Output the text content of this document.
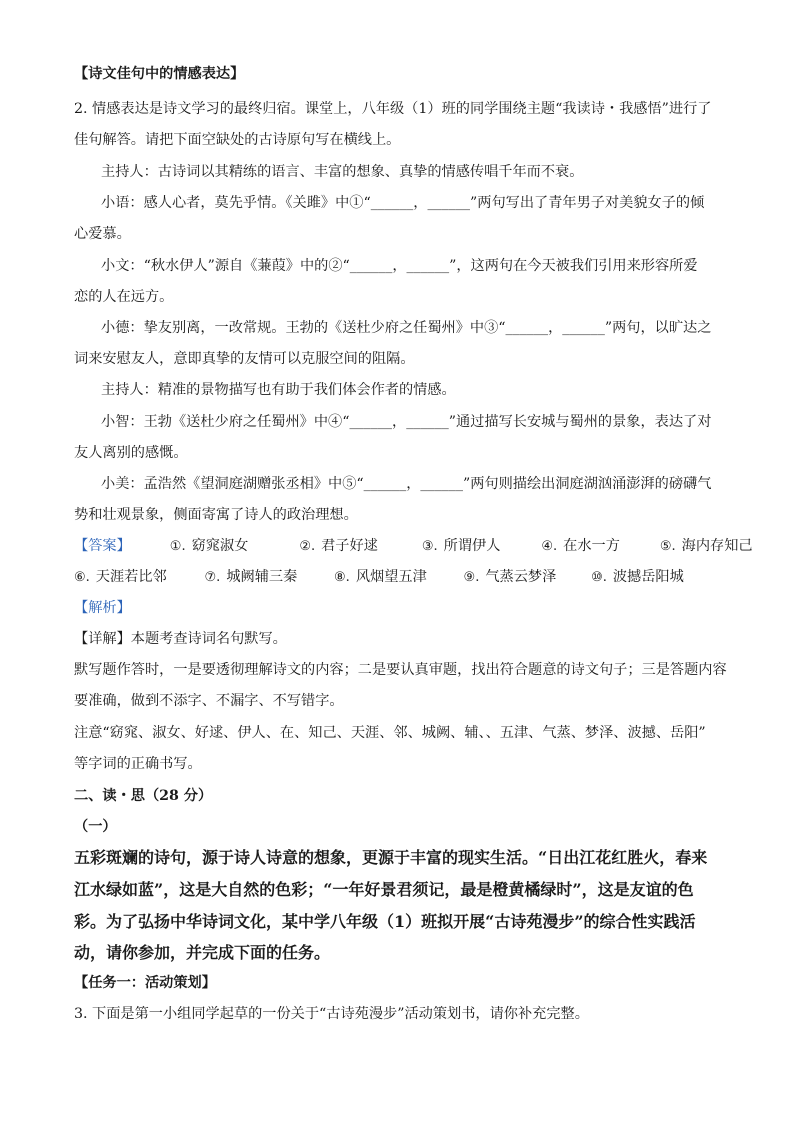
【诗文佳句中的情感表达】
2. 情感表达是诗文学习的最终归宿。课堂上，八年级（1）班的同学围绕主题“我读诗・我感悟”进行了
佳句解答。请把下面空缺处的古诗原句写在横线上。
主持人：古诗词以其精练的语言、丰富的想象、真挚的情感传唱千年而不衰。
小语：感人心者，莫先乎情。《关雎》中①“______，______”两句写出了青年男子对美貌女子的倾
心爱慕。
小文：“秋水伊人”源自《蒹葭》中的②“______，______”，这两句在今天被我们引用来形容所爱
恋的人在远方。
小德：挚友别离，一改常规。王勃的《送杜少府之任蜀州》中③“______，______”两句，以旷达之
词来安慰友人，意即真挚的友情可以克服空间的阻隔。
主持人：精准的景物描写也有助于我们体会作者的情感。
小智：王勃《送杜少府之任蜀州》中④“______，______”通过描写长安城与蜀州的景象，表达了对
友人离别的感慨。
小美：孟浩然《望洞庭湖赠张丞相》中⑤“______，______”两句则描绘出洞庭湖汹涌澎湃的磅礴气
势和壮观景象，侧面寄寓了诗人的政治理想。
【答案】	①. 窈窕淑女	②. 君子好逑	③. 所谓伊人	④. 在水一方	⑤. 海内存知己
⑥. 天涯若比邻	⑦. 城阙辅三秦	⑧. 风烟望五津	⑨. 气蒸云梦泽	⑩. 波撼岳阳城
【解析】
【详解】本题考查诗词名句默写。
默写题作答时，一是要透彻理解诗文的内容；二是要认真审题，找出符合题意的诗文句子；三是答题内容
要准确，做到不添字、不漏字、不写错字。
注意“窈窕、淑女、好逑、伊人、在、知己、天涯、邻、城阙、辅、、五津、气蒸、梦泽、波撼、岳阳”
等字词的正确书写。
二、读・思（28 分）
（一）
五彩斑斓的诗句，源于诗人诗意的想象，更源于丰富的现实生活。“日出江花红胜火，春来
江水绿如蓝”，这是大自然的色彩；“一年好景君须记，最是橙黄橘绿时”，这是友谊的色
彩。为了弘扬中华诗词文化，某中学八年级（1）班拟开展“古诗苑漫步”的综合性实践活
动，请你参加，并完成下面的任务。
【任务一：活动策划】
3. 下面是第一小组同学起草的一份关于“古诗苑漫步”活动策划书，请你补充完整。
